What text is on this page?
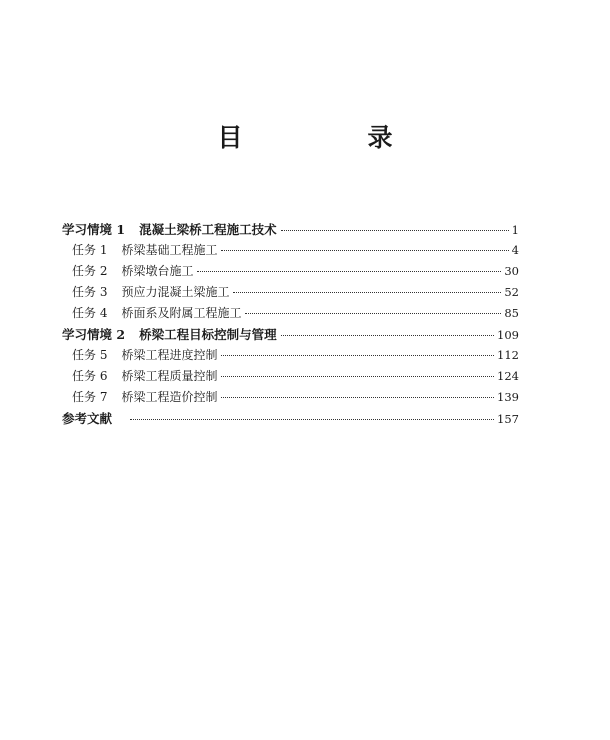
目　录
学习情境 1 混凝土梁桥工程施工技术	1
任务 1 桥梁基础工程施工	4
任务 2 桥梁墩台施工	30
任务 3 预应力混凝土梁施工	52
任务 4 桥面系及附属工程施工	85
学习情境 2 桥梁工程目标控制与管理	109
任务 5 桥梁工程进度控制	112
任务 6 桥梁工程质量控制	124
任务 7 桥梁工程造价控制	139
参考文献	157
